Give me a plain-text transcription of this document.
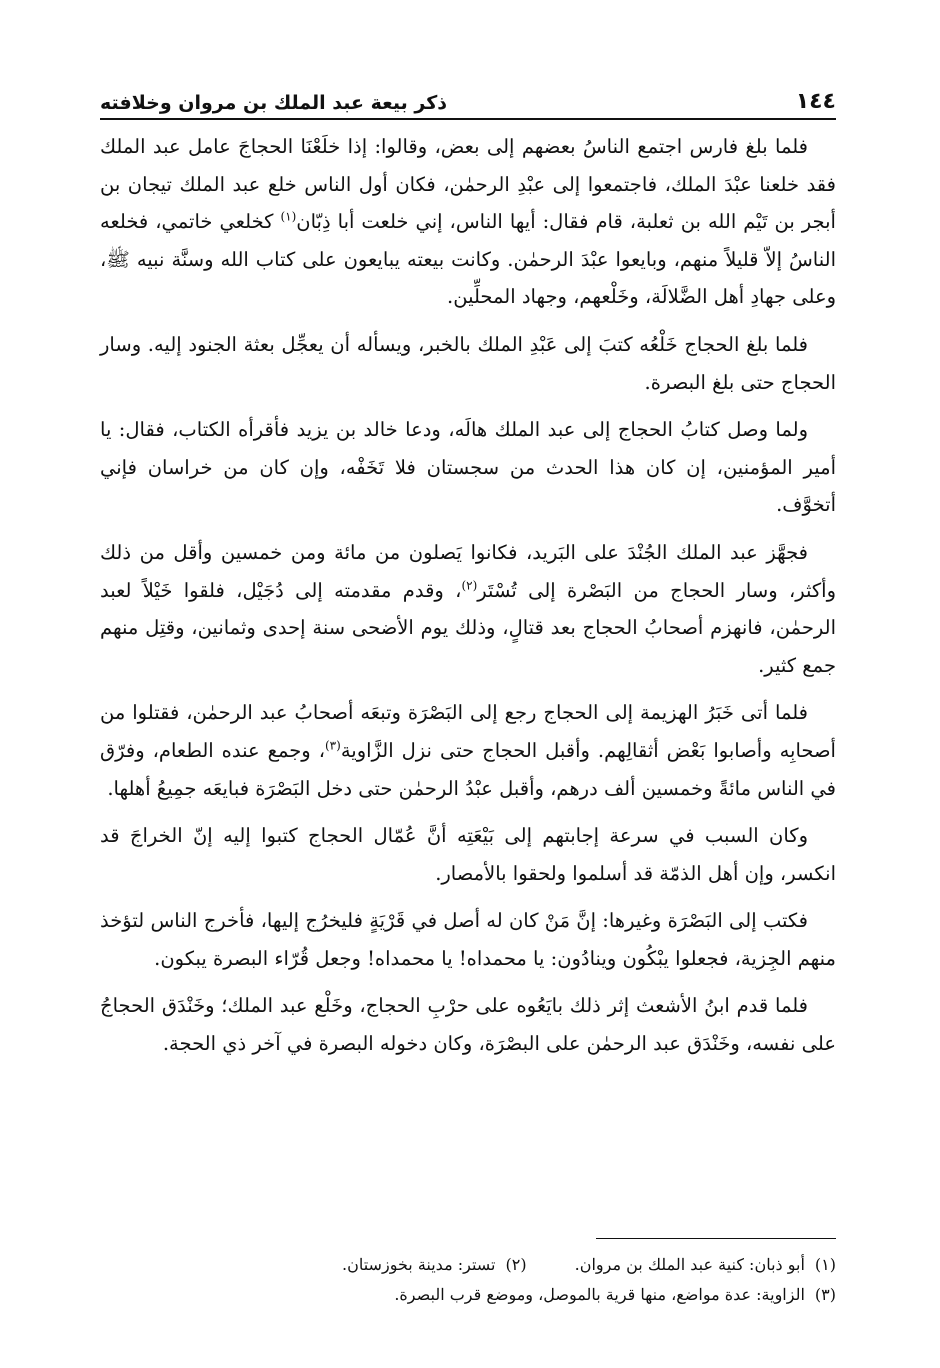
١٤٤
ذكر بيعة عبد الملك بن مروان وخلافته

فلما بلغ فارس اجتمع الناسُ بعضهم إلى بعض، وقالوا: إذا خلَعْنَا الحجاجَ عامل عبد الملك فقد خلعنا عبْدَ الملك، فاجتمعوا إلى عبْدِ الرحمٰن، فكان أول الناس خلع عبد الملك تيجان بن أبجر بن تَيْم الله بن ثعلبة، قام فقال: أيها الناس، إني خلعت أبا ذِبّان$^{(١)}$ كخلعي خاتمي، فخلعه الناسُ إلاّ قليلاً منهم، وبايعوا عبْدَ الرحمٰن. وكانت بيعته يبايعون على كتاب الله وسنَّة نبيه ﷺ، وعلى جهادِ أهل الضَّلالَة، وخَلْعهم، وجهاد المحلِّين.

فلما بلغ الحجاج خَلْعُه كتبَ إلى عَبْدِ الملك بالخبر، ويسأله أن يعجِّل بعثة الجنود إليه. وسار الحجاج حتى بلغ البصرة.

ولما وصل كتابُ الحجاج إلى عبد الملك هالَه، ودعا خالد بن يزيد فأقرأه الكتاب، فقال: يا أمير المؤمنين، إن كان هذا الحدث من سجستان فلا تَخَفْه، وإن كان من خراسان فإني أتخوَّف.

فجهَّز عبد الملك الجُنْدَ على البَريد، فكانوا يَصلون من مائة ومن خمسين وأقل من ذلك وأكثر، وسار الحجاج من البَصْرة إلى تُسْتَر$^{(٢)}$، وقدم مقدمته إلى دُجَيْل، فلقوا خَيْلاً لعبد الرحمٰن، فانهزم أصحابُ الحجاج بعد قتالٍ، وذلك يوم الأضحى سنة إحدى وثمانين، وقتِل منهم جمع كثير.

فلما أتى خَبَرُ الهزيمة إلى الحجاج رجع إلى البَصْرَة وتبعَه أصحابُ عبد الرحمٰن، فقتلوا من أصحابِه وأصابوا بَعْض أثقالِهم. وأقبل الحجاج حتى نزل الزَّاوية$^{(٣)}$، وجمع عنده الطعام، وفرّق في الناس مائةً وخمسين ألف درهم، وأقبل عبْدُ الرحمٰن حتى دخل البَصْرَة فبايعَه جمِيعُ أهلها.

وكان السبب في سرعة إجابتهم إلى بَيْعَتِه أنَّ عُمّال الحجاج كتبوا إليه إنّ الخراجَ قد انكسر، وإن أهل الذمّة قد أسلموا ولحقوا بالأمصار.

فكتب إلى البَصْرَة وغيرها: إنَّ مَنْ كان له أصل في قَرْيَةٍ فليخرُج إليها، فأخرج الناس لتؤخذ منهم الجِزية، فجعلوا يبْكُون وينادُون: يا محمداه! يا محمداه! وجعل قُرّاء البصرة يبكون.

فلما قدم ابنُ الأشعث إثر ذلك بايَعُوه على حرْبِ الحجاج، وخَلْع عبد الملك؛ وخَنْدَق الحجاجُ على نفسه، وخَنْدَق عبد الرحمٰن على البصْرَة، وكان دخوله البصرة في آخر ذي الحجة.

(١)أبو ذبان: كنية عبد الملك بن مروان.
(٢)تستر: مدينة بخوزستان.
(٣)الزاوية: عدة مواضع، منها قرية بالموصل، وموضع قرب البصرة.
